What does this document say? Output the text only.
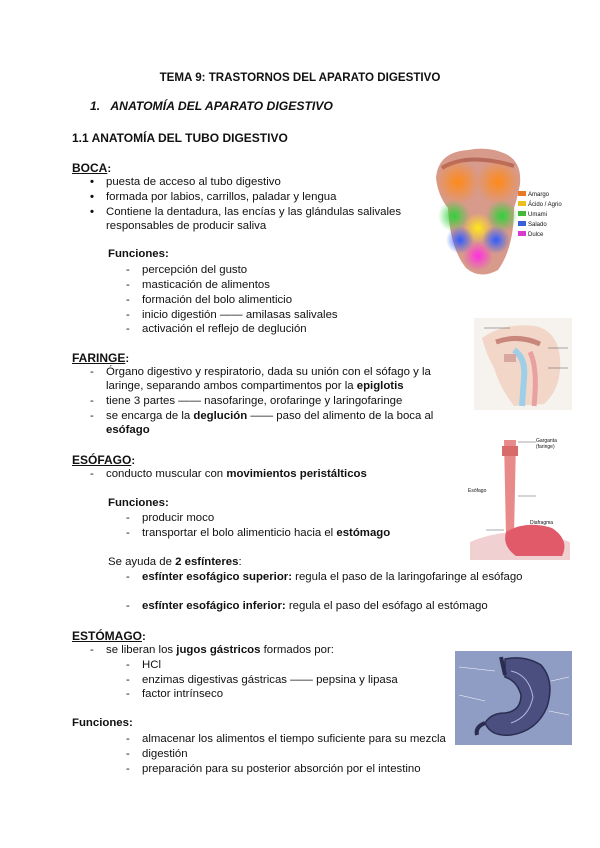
TEMA 9: TRASTORNOS DEL APARATO DIGESTIVO
1. ANATOMÍA DEL APARATO DIGESTIVO
1.1 ANATOMÍA DEL TUBO DIGESTIVO
BOCA:
• puesta de acceso al tubo digestivo
• formada por labios, carrillos, paladar y lengua
• Contiene la dentadura, las encías y las glándulas salivales
responsables de producir saliva
Funciones:
- percepción del gusto
- masticación de alimentos
- formación del bolo alimenticio
- inicio digestión —— amilasas salivales
- activación el reflejo de deglución
Amargo
Ácido / Agrio
Umami
Salado
Dulce
FARINGE:
- Órgano digestivo y respiratorio, dada su unión con el sófago y la
laringe, separando ambos compartimentos por la epiglotis
- tiene 3 partes —— nasofaringe, orofaringe y laringofaringe
- se encarga de la deglución —— paso del alimento de la boca al
esófago
ESÓFAGO:
- conducto muscular con movimientos peristálticos
Funciones:
- producir moco
- transportar el bolo alimenticio hacia el estómago
Se ayuda de 2 esfínteres:
- esfínter esofágico superior: regula el paso de la laringofaringe al esófago
- esfínter esofágico inferior: regula el paso del esófago al estómago
Garganta (faringe)
Esófago
Diafragma
ESTÓMAGO:
- se liberan los jugos gástricos formados por:
- HCl
- enzimas digestivas gástricas —— pepsina y lipasa
- factor intrínseco
Funciones:
- almacenar los alimentos el tiempo suficiente para su mezcla
- digestión
- preparación para su posterior absorción por el intestino
